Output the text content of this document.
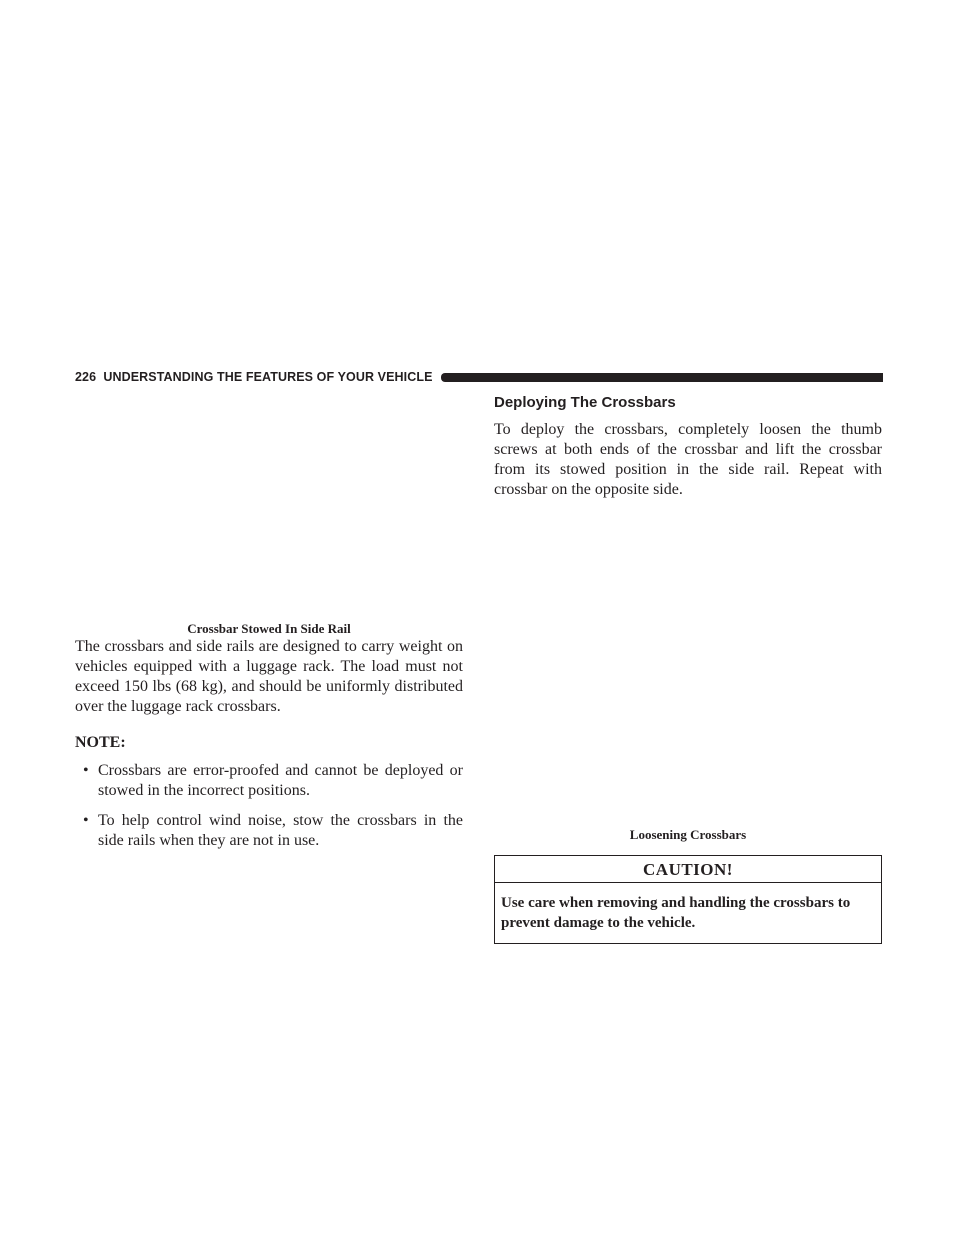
226 UNDERSTANDING THE FEATURES OF YOUR VEHICLE
Crossbar Stowed In Side Rail

The crossbars and side rails are designed to carry weight on vehicles equipped with a luggage rack. The load must not exceed 150 lbs (68 kg), and should be uniformly distributed over the luggage rack crossbars.

NOTE:
• Crossbars are error-proofed and cannot be deployed or stowed in the incorrect positions.
• To help control wind noise, stow the crossbars in the side rails when they are not in use.
Deploying The Crossbars

To deploy the crossbars, completely loosen the thumb screws at both ends of the crossbar and lift the crossbar from its stowed position in the side rail. Repeat with crossbar on the opposite side.

Loosening Crossbars
CAUTION!
Use care when removing and handling the crossbars to prevent damage to the vehicle.
